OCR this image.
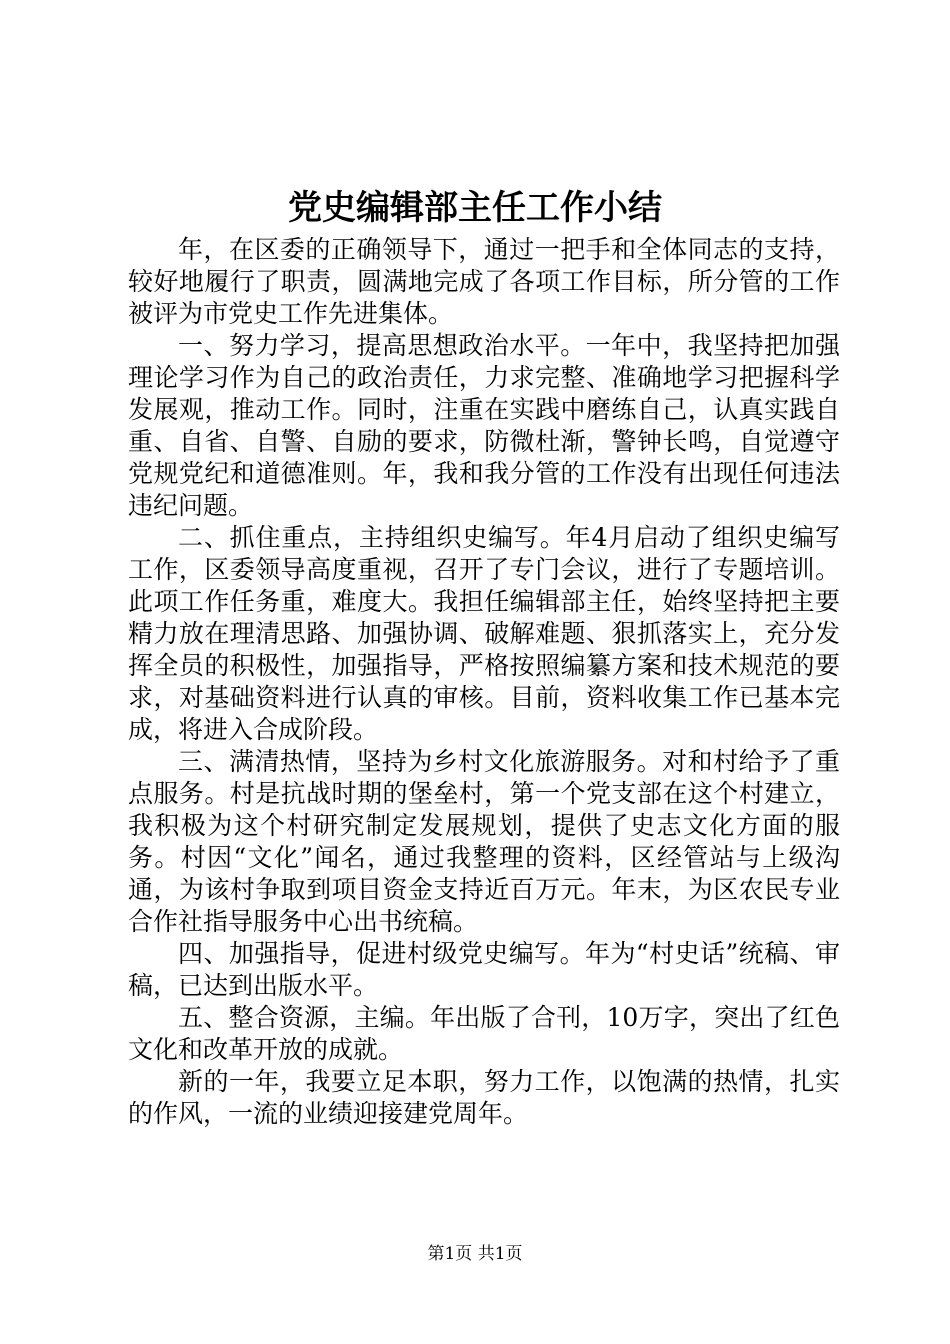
党史编辑部主任工作小结

年，在区委的正确领导下，通过一把手和全体同志的支持，较好地履行了职责，圆满地完成了各项工作目标，所分管的工作被评为市党史工作先进集体。

一、努力学习，提高思想政治水平。一年中，我坚持把加强理论学习作为自己的政治责任，力求完整、准确地学习把握科学发展观，推动工作。同时，注重在实践中磨练自己，认真实践自重、自省、自警、自励的要求，防微杜渐，警钟长鸣，自觉遵守党规党纪和道德准则。年，我和我分管的工作没有出现任何违法违纪问题。

二、抓住重点，主持组织史编写。年4月启动了组织史编写工作，区委领导高度重视，召开了专门会议，进行了专题培训。此项工作任务重，难度大。我担任编辑部主任，始终坚持把主要精力放在理清思路、加强协调、破解难题、狠抓落实上，充分发挥全员的积极性，加强指导，严格按照编纂方案和技术规范的要求，对基础资料进行认真的审核。目前，资料收集工作已基本完成，将进入合成阶段。

三、满清热情，坚持为乡村文化旅游服务。对和村给予了重点服务。村是抗战时期的堡垒村，第一个党支部在这个村建立，我积极为这个村研究制定发展规划，提供了史志文化方面的服务。村因“文化”闻名，通过我整理的资料，区经管站与上级沟通，为该村争取到项目资金支持近百万元。年末，为区农民专业合作社指导服务中心出书统稿。

四、加强指导，促进村级党史编写。年为“村史话”统稿、审稿，已达到出版水平。

五、整合资源，主编。年出版了合刊，10万字，突出了红色文化和改革开放的成就。

新的一年，我要立足本职，努力工作，以饱满的热情，扎实的作风，一流的业绩迎接建党周年。

第1页 共1页
